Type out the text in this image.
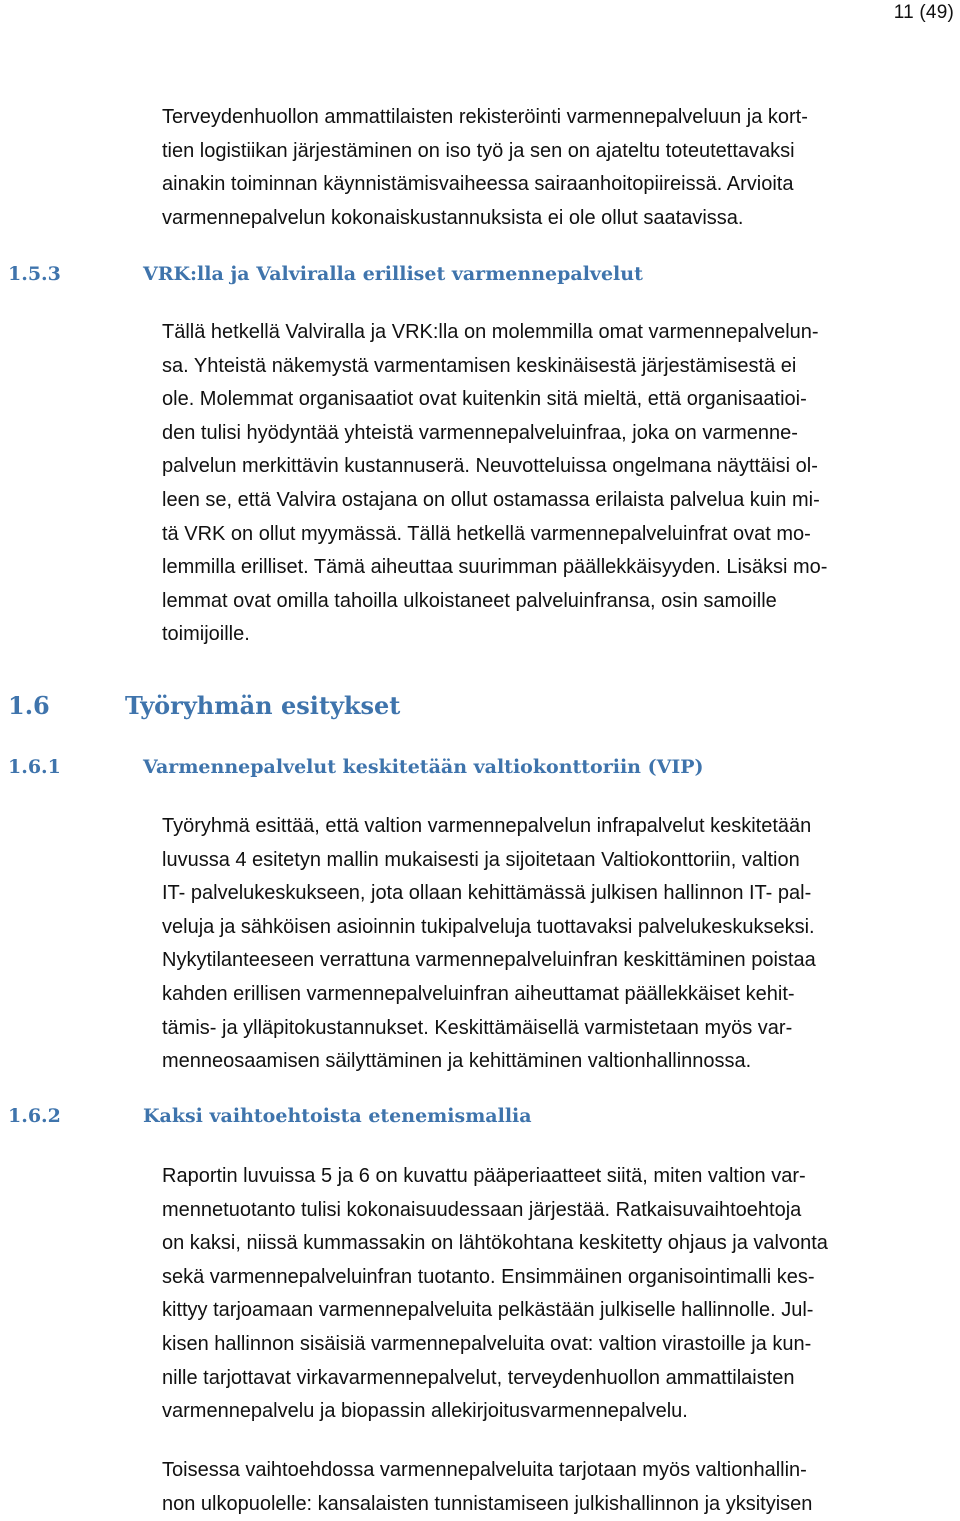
11 (49)
Terveydenhuollon ammattilaisten rekisteröinti varmennepalveluun ja kort-
tien logistiikan järjestäminen on iso työ ja sen on ajateltu toteutettavaksi
ainakin toiminnan käynnistämisvaiheessa sairaanhoitopiireissä. Arvioita
varmennepalvelun kokonaiskustannuksista ei ole ollut saatavissa.
1.5.3	VRK:lla ja Valviralla erilliset varmennepalvelut
Tällä hetkellä Valviralla ja VRK:lla on molemmilla omat varmennepalvelun-
sa. Yhteistä näkemystä varmentamisen keskinäisestä järjestämisestä ei
ole. Molemmat organisaatiot ovat kuitenkin sitä mieltä, että organisaatioi-
den tulisi hyödyntää yhteistä varmennepalveluinfraa, joka on varmenne-
palvelun merkittävin kustannuserä. Neuvotteluissa ongelmana näyttäisi ol-
leen se, että Valvira ostajana on ollut ostamassa erilaista palvelua kuin mi-
tä VRK on ollut myymässä. Tällä hetkellä varmennepalveluinfrat ovat mo-
lemmilla erilliset. Tämä aiheuttaa suurimman päällekkäisyyden. Lisäksi mo-
lemmat ovat omilla tahoilla ulkoistaneet palveluinfransa, osin samoille
toimijoille.
1.6	Työryhmän esitykset
1.6.1	Varmennepalvelut keskitetään valtiokonttoriin (VIP)
Työryhmä esittää, että valtion varmennepalvelun infrapalvelut keskitetään
luvussa 4 esitetyn mallin mukaisesti ja sijoitetaan Valtiokonttoriin, valtion
IT- palvelukeskukseen, jota ollaan kehittämässä julkisen hallinnon IT- pal-
veluja ja sähköisen asioinnin tukipalveluja tuottavaksi palvelukeskukseksi.
Nykytilanteeseen verrattuna varmennepalveluinfran keskittäminen poistaa
kahden erillisen varmennepalveluinfran aiheuttamat päällekkäiset kehit-
tämis- ja ylläpitokustannukset. Keskittämäisellä varmistetaan myös var-
menneosaamisen säilyttäminen ja kehittäminen valtionhallinnossa.
1.6.2	Kaksi vaihtoehtoista etenemismallia
Raportin luvuissa 5 ja 6 on kuvattu pääperiaatteet siitä, miten valtion var-
mennetuotanto tulisi kokonaisuudessaan järjestää. Ratkaisuvaihtoehtoja
on kaksi, niissä kummassakin on lähtökohtana keskitetty ohjaus ja valvonta
sekä varmennepalveluinfran tuotanto. Ensimmäinen organisointimalli kes-
kittyy tarjoamaan varmennepalveluita pelkästään julkiselle hallinnolle. Jul-
kisen hallinnon sisäisiä varmennepalveluita ovat: valtion virastoille ja kun-
nille tarjottavat virkavarmennepalvelut, terveydenhuollon ammattilaisten
varmennepalvelu ja biopassin allekirjoitusvarmennepalvelu.
Toisessa vaihtoehdossa varmennepalveluita tarjotaan myös valtionhallin-
non ulkopuolelle: kansalaisten tunnistamiseen julkishallinnon ja yksityisen
